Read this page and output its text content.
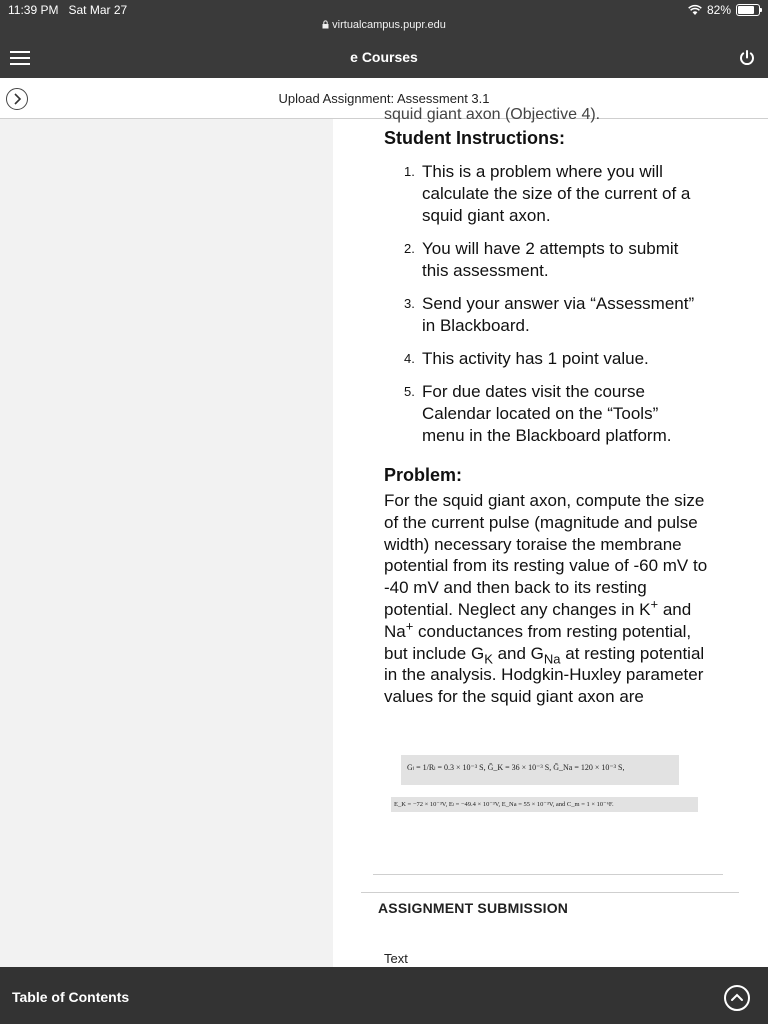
11:39 PM Sat Mar 27	82%
virtualcampus.pupr.edu
e Courses
Upload Assignment: Assessment 3.1
squid giant axon (Objective 4).
Student Instructions:
1. This is a problem where you will calculate the size of the current of a squid giant axon.
2. You will have 2 attempts to submit this assessment.
3. Send your answer via “Assessment” in Blackboard.
4. This activity has 1 point value.
5. For due dates visit the course Calendar located on the “Tools” menu in the Blackboard platform.
Problem:
For the squid giant axon, compute the size of the current pulse (magnitude and pulse width) necessary toraise the membrane potential from its resting value of -60 mV to -40 mV and then back to its resting potential. Neglect any changes in K+ and Na+ conductances from resting potential, but include $G_K$ and $G_{Na}$ at resting potential in the analysis. Hodgkin-Huxley parameter values for the squid giant axon are
Gₗ = 1/Rₗ = 0.3 × 10⁻³ S, Ḡ_K = 36 × 10⁻³ S, Ḡ_Na = 120 × 10⁻³ S,
E_K = −72 × 10⁻³V, Eₗ = −49.4 × 10⁻³V, E_Na = 55 × 10⁻³V, and C_m = 1 × 10⁻⁶F.
ASSIGNMENT SUBMISSION
Text
Table of Contents
